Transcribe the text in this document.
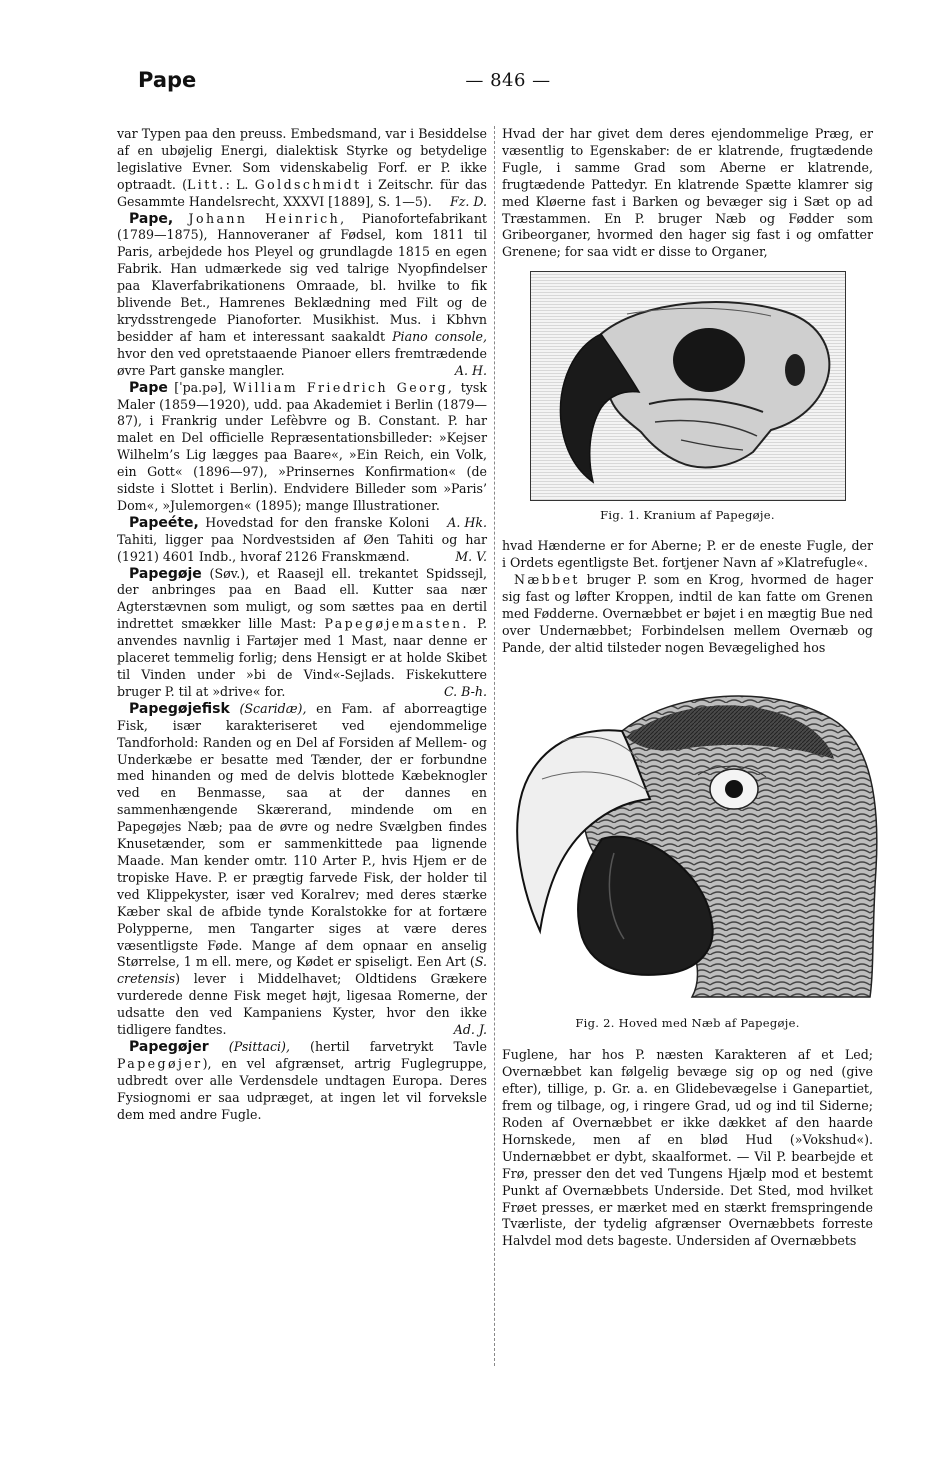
Pape	— 846 —

var Typen paa den preuss. Embedsmand, var i Besiddelse af en ubøjelig Energi, dialektisk Styrke og betydelige legislative Evner. Som videnskabelig Forf. er P. ikke optraadt. (Litt.: L. Goldschmidt i Zeitschr. für das Gesammte Handelsrecht, XXXVI [1889], S. 1—5). Fz. D.

Pape, Johann Heinrich, Pianofortefabrikant (1789—1875), Hannoveraner af Fødsel, kom 1811 til Paris, arbejdede hos Pleyel og grundlagde 1815 en egen Fabrik. Han udmærkede sig ved talrige Nyopfindelser paa Klaverfabrikationens Omraade, bl. hvilke to fik blivende Bet., Hamrenes Beklædning med Filt og de krydsstrengede Pianoforter. Musikhist. Mus. i Kbhvn besidder af ham et interessant saakaldt Piano console, hvor den ved opretstaaende Pianoer ellers fremtrædende øvre Part ganske mangler.	A. H.

Pape [ˈpa.pə], William Friedrich Georg, tysk Maler (1859—1920), udd. paa Akademiet i Berlin (1879—87), i Frankrig under Lefèbvre og B. Constant. P. har malet en Del officielle Repræsentationsbilleder: »Kejser Wilhelm’s Lig lægges paa Baare«, »Ein Reich, ein Volk, ein Gott« (1896—97), »Prinsernes Konfirmation« (de sidste i Slottet i Berlin). Endvidere Billeder som »Paris’ Dom«, »Julemorgen« (1895); mange Illustrationer.
A. Hk.

Papeéte, Hovedstad for den franske Koloni Tahiti, ligger paa Nordvestsiden af Øen Tahiti og har (1921) 4601 Indb., hvoraf 2126 Franskmænd.	M. V.

Papegøje (Søv.), et Raasejl ell. trekantet Spidssejl, der anbringes paa en Baad ell. Kutter saa nær Agterstævnen som muligt, og som sættes paa en dertil indrettet smækker lille Mast: Papegøjemasten. P. anvendes navnlig i Fartøjer med 1 Mast, naar denne er placeret temmelig forlig; dens Hensigt er at holde Skibet til Vinden under »bi de Vind«-Sejlads. Fiskekuttere bruger P. til at »drive« for.	C. B-h.

Papegøjefisk (Scaridæ), en Fam. af aborreagtige Fisk, især karakteriseret ved ejendommelige Tandforhold: Randen og en Del af Forsiden af Mellem- og Underkæbe er besatte med Tænder, der er forbundne med hinanden og med de delvis blottede Kæbeknogler ved en Benmasse, saa at der dannes en sammenhængende Skærerand, mindende om en Papegøjes Næb; paa de øvre og nedre Svælgben findes Knusetænder, som er sammenkittede paa lignende Maade. Man kender omtr. 110 Arter P., hvis Hjem er de tropiske Have. P. er prægtig farvede Fisk, der holder til ved Klippekyster, især ved Koralrev; med deres stærke Kæber skal de afbide tynde Koralstokke for at fortære Polypperne, men Tangarter siges at være deres væsentligste Føde. Mange af dem opnaar en anselig Størrelse, 1 m ell. mere, og Kødet er spiseligt. Een Art (S. cretensis) lever i Middelhavet; Oldtidens Grækere vurderede denne Fisk meget højt, ligesaa Romerne, der udsatte den ved Kampaniens Kyster, hvor den ikke tidligere fandtes.	Ad. J.

Papegøjer (Psittaci), (hertil farvetrykt Tavle Papegøjer), en vel afgrænset, artrig Fuglegruppe, udbredt over alle Verdensdele undtagen Europa. Deres Fysiognomi er saa udpræget, at ingen let vil forveksle dem med andre Fugle.

Hvad der har givet dem deres ejendommelige Præg, er væsentlig to Egenskaber: de er klatrende, frugtædende Fugle, i samme Grad som Aberne er klatrende, frugtædende Pattedyr. En klatrende Spætte klamrer sig med Kløerne fast i Barken og bevæger sig i Sæt op ad Træstammen. En P. bruger Næb og Fødder som Gribeorganer, hvormed den hager sig fast i og omfatter Grenene; for saa vidt er disse to Organer,

Fig. 1. Kranium af Papegøje.

hvad Hænderne er for Aberne; P. er de eneste Fugle, der i Ordets egentligste Bet. fortjener Navn af »Klatrefugle«.

Næbbet bruger P. som en Krog, hvormed de hager sig fast og løfter Kroppen, indtil de kan fatte om Grenen med Fødderne. Overnæbbet er bøjet i en mægtig Bue ned over Undernæbbet; Forbindelsen mellem Overnæb og Pande, der altid tilsteder nogen Bevægelighed hos

Fig. 2. Hoved med Næb af Papegøje.

Fuglene, har hos P. næsten Karakteren af et Led; Overnæbbet kan følgelig bevæge sig op og ned (give efter), tillige, p. Gr. a. en Glidebevægelse i Ganepartiet, frem og tilbage, og, i ringere Grad, ud og ind til Siderne; Roden af Overnæbbet er ikke dækket af den haarde Hornskede, men af en blød Hud (»Vokshud«). Undernæbbet er dybt, skaalformet. — Vil P. bearbejde et Frø, presser den det ved Tungens Hjælp mod et bestemt Punkt af Overnæbbets Underside. Det Sted, mod hvilket Frøet presses, er mærket med en stærkt fremspringende Tværliste, der tydelig afgrænser Overnæbbets forreste Halvdel mod dets bageste. Undersiden af Overnæbbets
